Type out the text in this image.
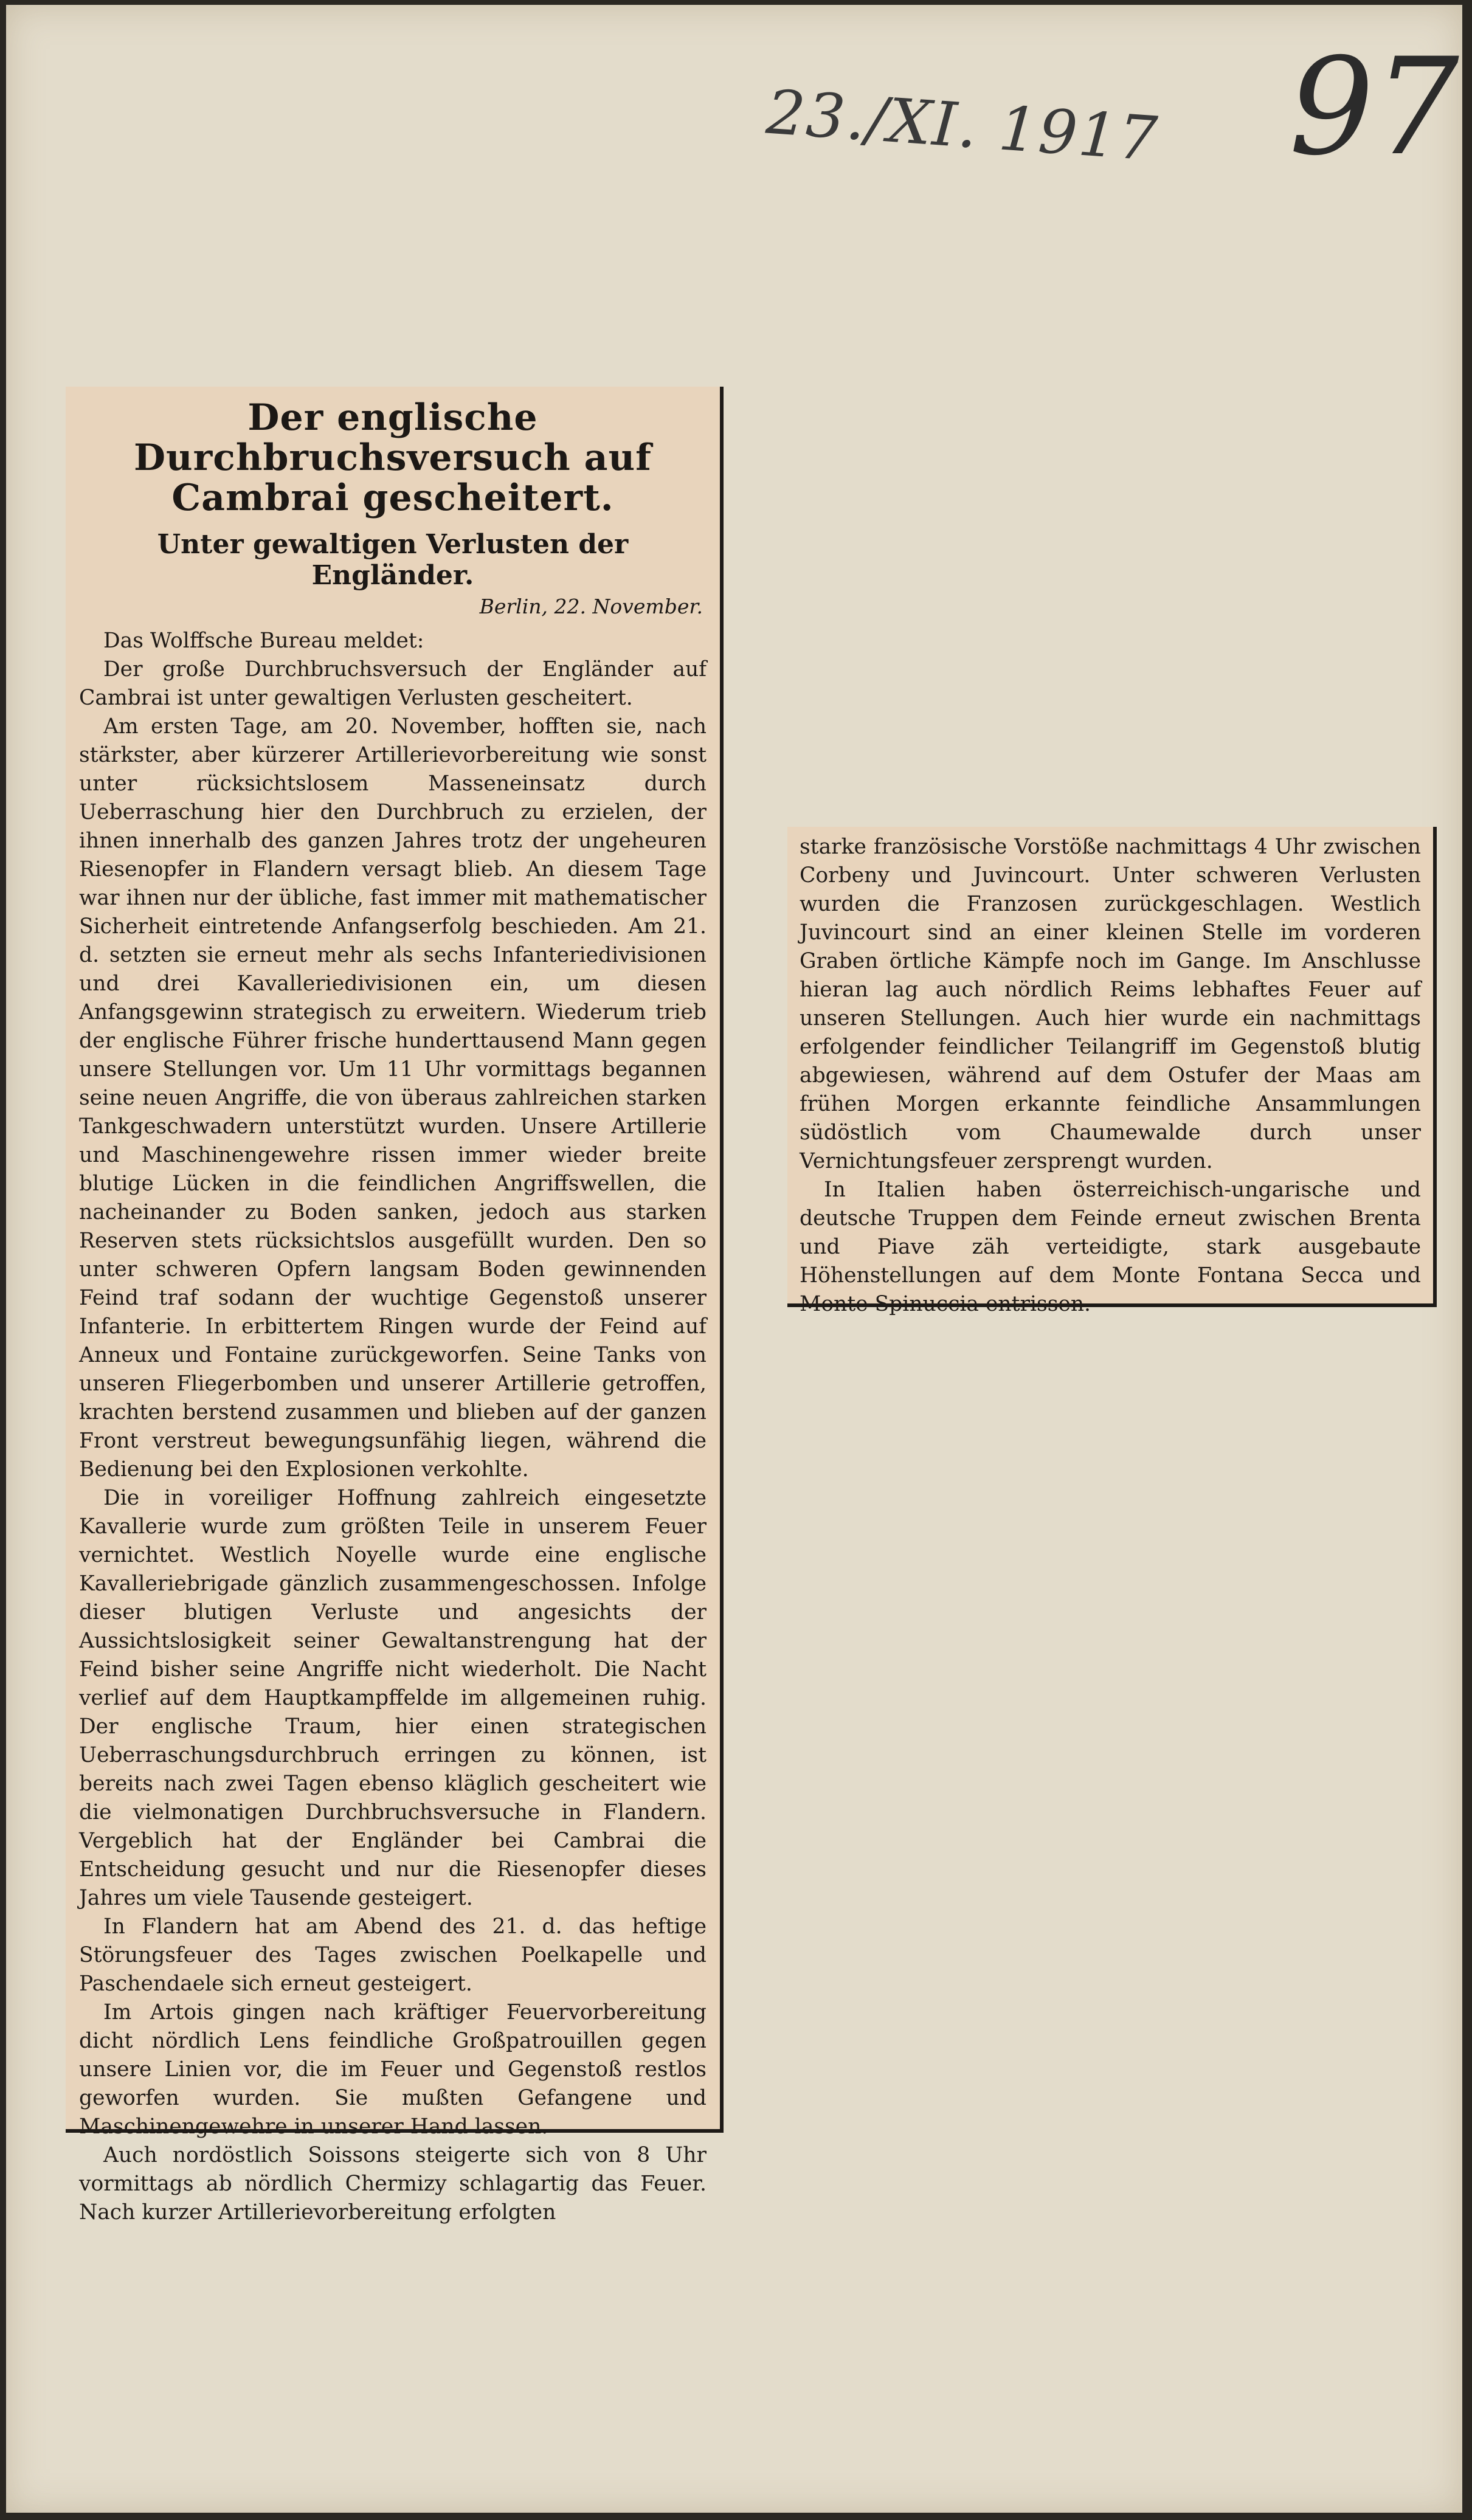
23./XI. 1917 97
Der englische Durchbruchsversuch auf Cambrai gescheitert.
Unter gewaltigen Verlusten der Engländer.
Berlin, 22. November.

Das Wolffsche Bureau meldet:

Der große Durchbruchsversuch der Engländer auf Cambrai ist unter gewaltigen Verlusten gescheitert.

Am ersten Tage, am 20. November, hofften sie, nach stärkster, aber kürzerer Artillerievorbereitung wie sonst unter rücksichtslosem Masseneinsatz durch Ueberraschung hier den Durchbruch zu erzielen, der ihnen innerhalb des ganzen Jahres trotz der ungeheuren Riesenopfer in Flandern versagt blieb. An diesem Tage war ihnen nur der übliche, fast immer mit mathematischer Sicherheit eintretende Anfangserfolg beschieden. Am 21. d. setzten sie erneut mehr als sechs Infanteriedivisionen und drei Kavalleriedivisionen ein, um diesen Anfangsgewinn strategisch zu erweitern. Wiederum trieb der englische Führer frische hunderttausend Mann gegen unsere Stellungen vor. Um 11 Uhr vormittags begannen seine neuen Angriffe, die von überaus zahlreichen starken Tankgeschwadern unterstützt wurden. Unsere Artillerie und Maschinengewehre rissen immer wieder breite blutige Lücken in die feindlichen Angriffswellen, die nacheinander zu Boden sanken, jedoch aus starken Reserven stets rücksichtslos ausgefüllt wurden. Den so unter schweren Opfern langsam Boden gewinnenden Feind traf sodann der wuchtige Gegenstoß unserer Infanterie. In erbittertem Ringen wurde der Feind auf Anneux und Fontaine zurückgeworfen. Seine Tanks von unseren Fliegerbomben und unserer Artillerie getroffen, krachten berstend zusammen und blieben auf der ganzen Front verstreut bewegungsunfähig liegen, während die Bedienung bei den Explosionen verkohlte.

Die in voreiliger Hoffnung zahlreich eingesetzte Kavallerie wurde zum größten Teile in unserem Feuer vernichtet. Westlich Noyelle wurde eine englische Kavalleriebrigade gänzlich zusammengeschossen. Infolge dieser blutigen Verluste und angesichts der Aussichtslosigkeit seiner Gewaltanstrengung hat der Feind bisher seine Angriffe nicht wiederholt. Die Nacht verlief auf dem Hauptkampffelde im allgemeinen ruhig. Der englische Traum, hier einen strategischen Ueberraschungsdurchbruch erringen zu können, ist bereits nach zwei Tagen ebenso kläglich gescheitert wie die vielmonatigen Durchbruchsversuche in Flandern. Vergeblich hat der Engländer bei Cambrai die Entscheidung gesucht und nur die Riesenopfer dieses Jahres um viele Tausende gesteigert.

In Flandern hat am Abend des 21. d. das heftige Störungsfeuer des Tages zwischen Poelkapelle und Paschendaele sich erneut gesteigert.

Im Artois gingen nach kräftiger Feuervorbereitung dicht nördlich Lens feindliche Großpatrouillen gegen unsere Linien vor, die im Feuer und Gegenstoß restlos geworfen wurden. Sie mußten Gefangene und Maschinengewehre in unserer Hand lassen.

Auch nordöstlich Soissons steigerte sich von 8 Uhr vormittags ab nördlich Chermizy schlagartig das Feuer. Nach kurzer Artillerievorbereitung erfolgten

starke französische Vorstöße nachmittags 4 Uhr zwischen Corbeny und Juvincourt. Unter schweren Verlusten wurden die Franzosen zurückgeschlagen. Westlich Juvincourt sind an einer kleinen Stelle im vorderen Graben örtliche Kämpfe noch im Gange. Im Anschlusse hieran lag auch nördlich Reims lebhaftes Feuer auf unseren Stellungen. Auch hier wurde ein nachmittags erfolgender feindlicher Teilangriff im Gegenstoß blutig abgewiesen, während auf dem Ostufer der Maas am frühen Morgen erkannte feindliche Ansammlungen südöstlich vom Chaumewalde durch unser Vernichtungsfeuer zersprengt wurden.

In Italien haben österreichisch-ungarische und deutsche Truppen dem Feinde erneut zwischen Brenta und Piave zäh verteidigte, stark ausgebaute Höhenstellungen auf dem Monte Fontana Secca und Monte Spinuccia entrissen.
